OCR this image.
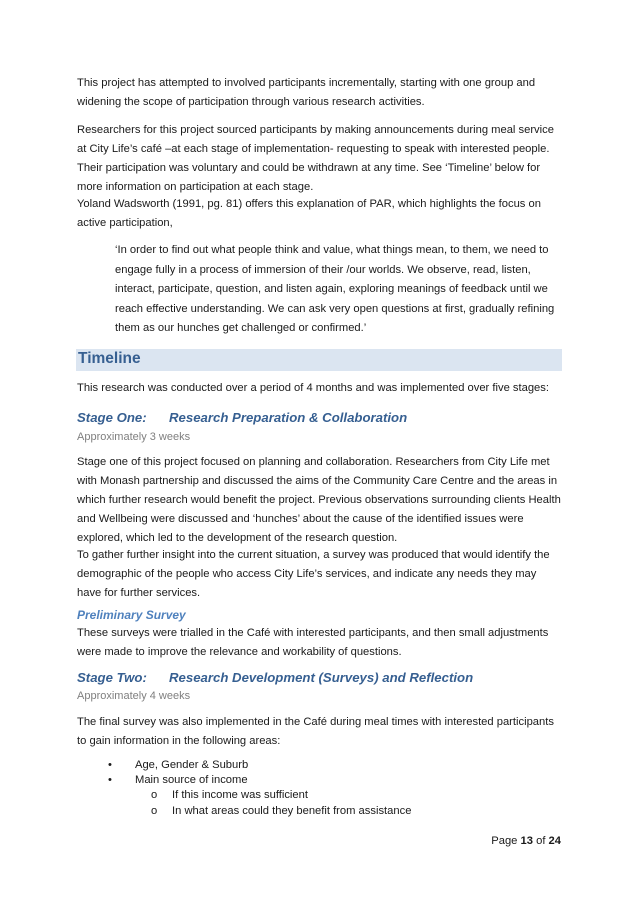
This project has attempted to involved participants incrementally, starting with one group and widening the scope of participation through various research activities.

Researchers for this project sourced participants by making announcements during meal service at City Life’s café –at each stage of implementation- requesting to speak with interested people. Their participation was voluntary and could be withdrawn at any time. See ‘Timeline’ below for more information on participation at each stage.

Yoland Wadsworth (1991, pg. 81) offers this explanation of PAR, which highlights the focus on active participation,

‘In order to find out what people think and value, what things mean, to them, we need to engage fully in a process of immersion of their /our worlds. We observe, read, listen, interact, participate, question, and listen again, exploring meanings of feedback until we reach effective understanding. We can ask very open questions at first, gradually refining them as our hunches get challenged or confirmed.’

Timeline

This research was conducted over a period of 4 months and was implemented over five stages:

Stage One: Research Preparation & Collaboration

Approximately 3 weeks

Stage one of this project focused on planning and collaboration. Researchers from City Life met with Monash partnership and discussed the aims of the Community Care Centre and the areas in which further research would benefit the project. Previous observations surrounding clients Health and Wellbeing were discussed and ‘hunches’ about the cause of the identified issues were explored, which led to the development of the research question.

To gather further insight into the current situation, a survey was produced that would identify the demographic of the people who access City Life’s services, and indicate any needs they may have for further services.

Preliminary Survey

These surveys were trialled in the Café with interested participants, and then small adjustments were made to improve the relevance and workability of questions.

Stage Two: Research Development (Surveys) and Reflection

Approximately 4 weeks

The final survey was also implemented in the Café during meal times with interested participants to gain information in the following areas:

• Age, Gender & Suburb

• Main source of income

o If this income was sufficient

o In what areas could they benefit from assistance

Page 13 of 24
